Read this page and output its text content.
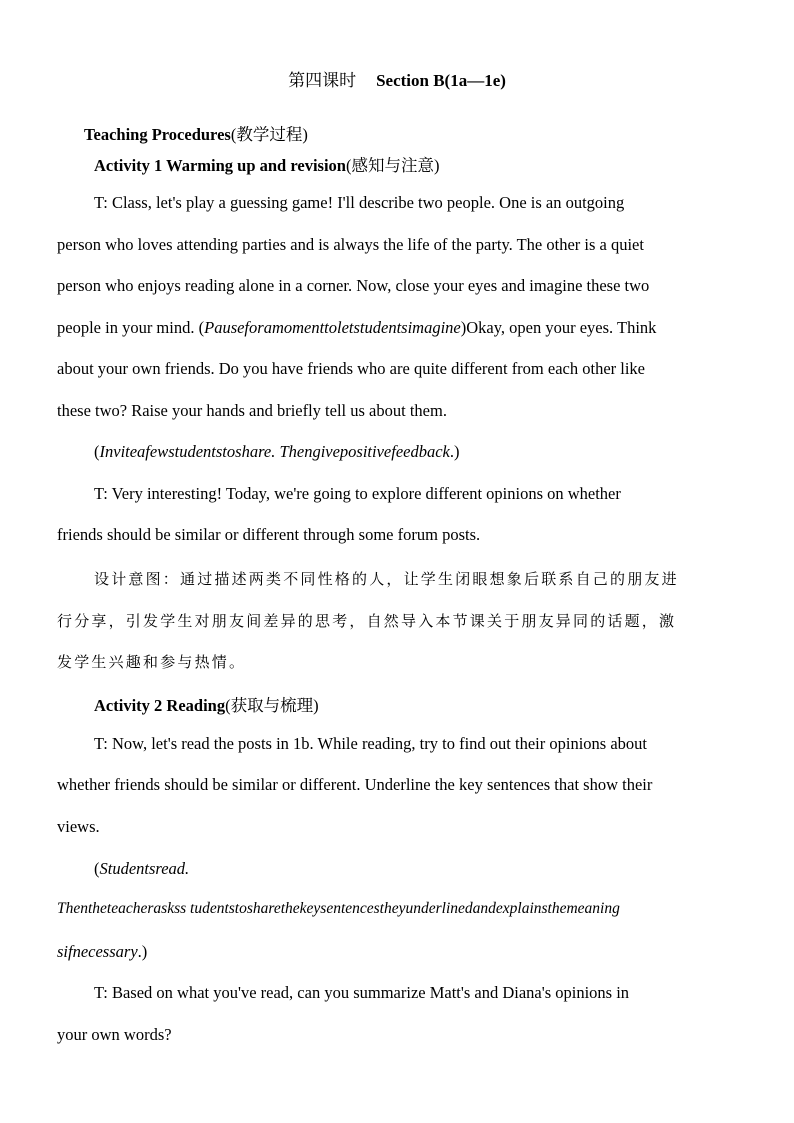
第四课时 Section B(1a—1e)
Teaching Procedures(教学过程)
Activity 1 Warming up and revision(感知与注意)
T: Class, let's play a guessing game! I'll describe two people. One is an outgoing
person who loves attending parties and is always the life of the party. The other is a quiet
person who enjoys reading alone in a corner. Now, close your eyes and imagine these two
people in your mind. (Pauseforamomenttoletstudentsimagine)Okay, open your eyes. Think
about your own friends. Do you have friends who are quite different from each other like
these two? Raise your hands and briefly tell us about them.
(Inviteafewstudentstoshare. Thengivepositivefeedback.)
T: Very interesting! Today, we're going to explore different opinions on whether
friends should be similar or different through some forum posts.
设计意图：通过描述两类不同性格的人，让学生闭眼想象后联系自己的朋友进
行分享，引发学生对朋友间差异的思考，自然导入本节课关于朋友异同的话题，激
发学生兴趣和参与热情。
Activity 2 Reading(获取与梳理)
T: Now, let's read the posts in 1b. While reading, try to find out their opinions about
whether friends should be similar or different. Underline the key sentences that show their
views.
(Studentsread.
Thentheteacheraskss tudentstosharethekeysentencestheyunderlinedandexplainsthemeaning
sifnecessary.)
T: Based on what you've read, can you summarize Matt's and Diana's opinions in
your own words?
